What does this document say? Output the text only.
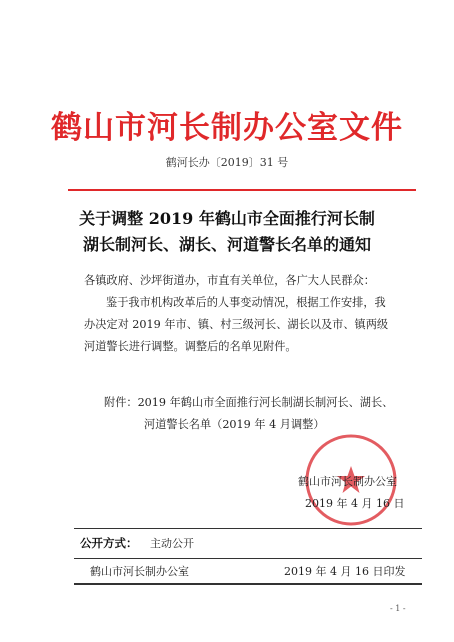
鹤山市河长制办公室文件
鹤河长办〔2019〕31 号
关于调整 2019 年鹤山市全面推行河长制
湖长制河长、湖长、河道警长名单的通知
各镇政府、沙坪街道办，市直有关单位，各广大人民群众：
鉴于我市机构改革后的人事变动情况，根据工作安排，我
办决定对 2019 年市、镇、村三级河长、湖长以及市、镇两级
河道警长进行调整。调整后的名单见附件。
附件：2019 年鹤山市全面推行河长制湖长制河长、湖长、
河道警长名单（2019 年 4 月调整）
鹤山市河长制办公室
2019 年 4 月 16 日
公开方式： 主动公开
鹤山市河长制办公室	2019 年 4 月 16 日印发
- 1 -
